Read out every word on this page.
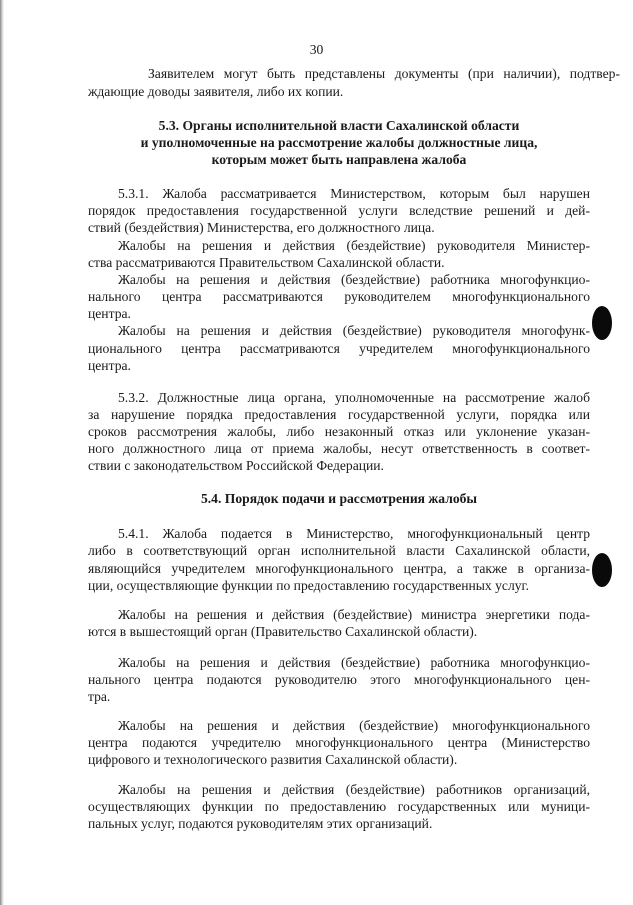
30
Заявителем могут быть представлены документы (при наличии), подтвер-
ждающие доводы заявителя, либо их копии.
5.3. Органы исполнительной власти Сахалинской области
и уполномоченные на рассмотрение жалобы должностные лица,
которым может быть направлена жалоба
5.3.1. Жалоба рассматривается Министерством, которым был нарушен
порядок предоставления государственной услуги вследствие решений и дей-
ствий (бездействия) Министерства, его должностного лица.
Жалобы на решения и действия (бездействие) руководителя Министер-
ства рассматриваются Правительством Сахалинской области.
Жалобы на решения и действия (бездействие) работника многофункцио-
нального центра рассматриваются руководителем многофункционального
центра.
Жалобы на решения и действия (бездействие) руководителя многофунк-
ционального центра рассматриваются учредителем многофункционального
центра.
5.3.2. Должностные лица органа, уполномоченные на рассмотрение жалоб
за нарушение порядка предоставления государственной услуги, порядка или
сроков рассмотрения жалобы, либо незаконный отказ или уклонение указан-
ного должностного лица от приема жалобы, несут ответственность в соответ-
ствии с законодательством Российской Федерации.
5.4. Порядок подачи и рассмотрения жалобы
5.4.1. Жалоба подается в Министерство, многофункциональный центр
либо в соответствующий орган исполнительной власти Сахалинской области,
являющийся учредителем многофункционального центра, а также в организа-
ции, осуществляющие функции по предоставлению государственных услуг.
Жалобы на решения и действия (бездействие) министра энергетики пода-
ются в вышестоящий орган (Правительство Сахалинской области).
Жалобы на решения и действия (бездействие) работника многофункцио-
нального центра подаются руководителю этого многофункционального цен-
тра.
Жалобы на решения и действия (бездействие) многофункционального
центра подаются учредителю многофункционального центра (Министерство
цифрового и технологического развития Сахалинской области).
Жалобы на решения и действия (бездействие) работников организаций,
осуществляющих функции по предоставлению государственных или муници-
пальных услуг, подаются руководителям этих организаций.
